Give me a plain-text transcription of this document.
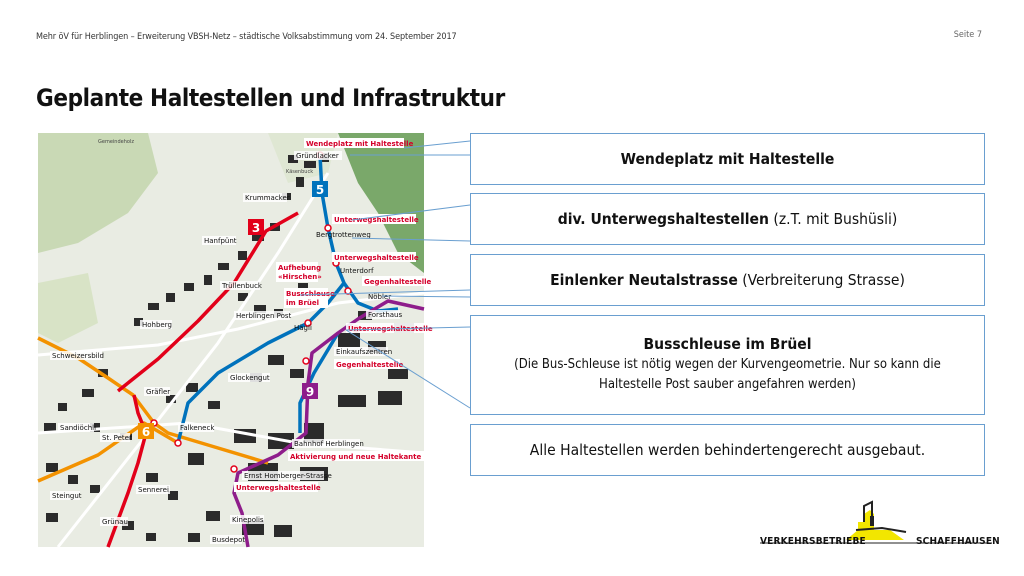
Mehr öV für Herblingen – Erweiterung VBSH-Netz – städtische Volksabstimmung vom 24. September 2017	Seite 7
Geplante Haltestellen und Infrastruktur
5
3
6
9
Gründlacker
Krummacker
Bergtrottenweg
Hanfpünt
Unterdorf
Trüllenbuck
Nöbler
Forsthaus
Hohberg
Herblingen Post
Hägli
Schweizersbild	Einkaufszentren
Gräfler
Glockengut
Sandiöchli	Falkeneck
St. Peter
Bahnhof Herblingen
Ernst Homberger-Strasse
Steingut
Sennerei
Grünau	Kinepolis
Busdepot
Käsenbuck
Gemeindeholz	Wendeplatz mit Haltestelle
Unterwegshaltestelle
Unterwegshaltestelle
Gegenhaltestelle
Aufhebung
«Hirschen»
Busschleuse
im Brüel
Unterwegshaltestelle
Gegenhaltestelle
Aktivierung und neue Haltekante
Unterwegshaltestelle
Wendeplatz mit Haltestelle
div. Unterwegshaltestellen (z.T. mit Bushüsli)
Einlenker Neutalstrasse (Verbreiterung Strasse)
Busschleuse im Brüel
(Die Bus-Schleuse ist nötig wegen der Kurvengeometrie. Nur so kann die
Haltestelle Post sauber angefahren werden)
Alle Haltestellen werden behindertengerecht ausgebaut.
VERKEHRSBETRIEBE	SCHAFFHAUSEN
